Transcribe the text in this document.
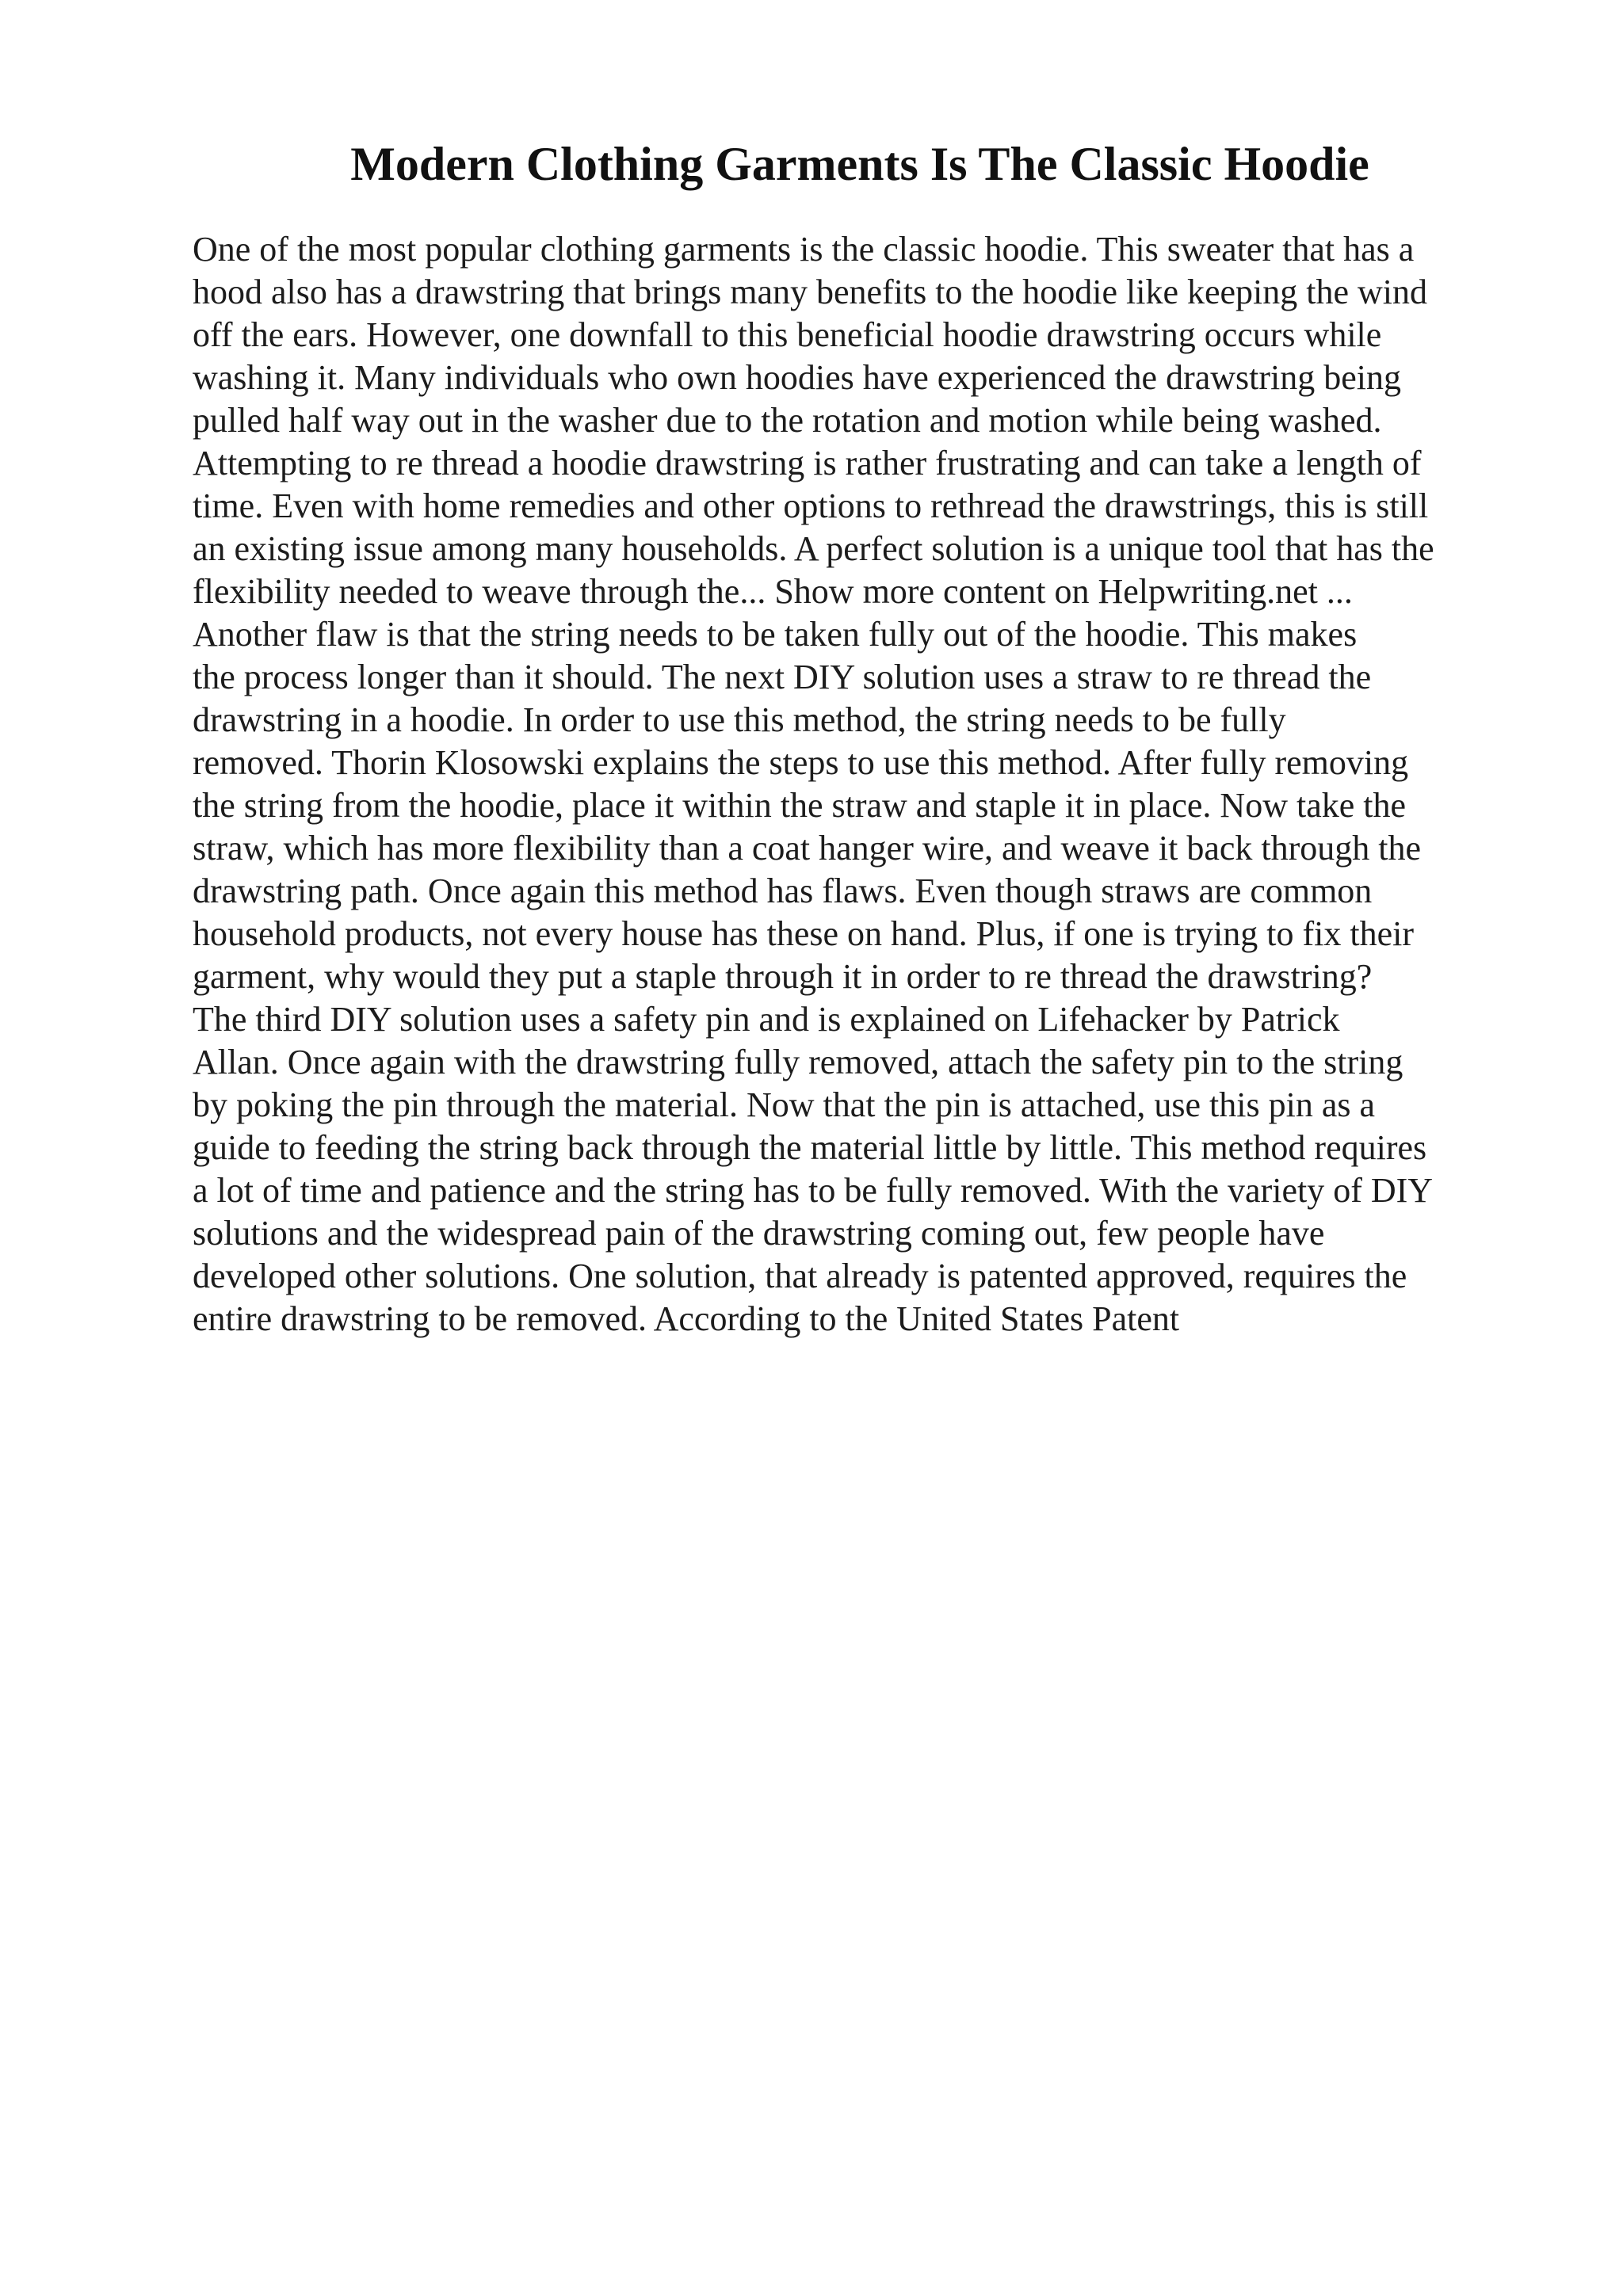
Modern Clothing Garments Is The Classic Hoodie
One of the most popular clothing garments is the classic hoodie. This sweater that has a
hood also has a drawstring that brings many benefits to the hoodie like keeping the wind
off the ears. However, one downfall to this beneficial hoodie drawstring occurs while
washing it. Many individuals who own hoodies have experienced the drawstring being
pulled half way out in the washer due to the rotation and motion while being washed.
Attempting to re thread a hoodie drawstring is rather frustrating and can take a length of
time. Even with home remedies and other options to rethread the drawstrings, this is still
an existing issue among many households. A perfect solution is a unique tool that has the
flexibility needed to weave through the... Show more content on Helpwriting.net ...
Another flaw is that the string needs to be taken fully out of the hoodie. This makes
the process longer than it should. The next DIY solution uses a straw to re thread the
drawstring in a hoodie. In order to use this method, the string needs to be fully
removed. Thorin Klosowski explains the steps to use this method. After fully removing
the string from the hoodie, place it within the straw and staple it in place. Now take the
straw, which has more flexibility than a coat hanger wire, and weave it back through the
drawstring path. Once again this method has flaws. Even though straws are common
household products, not every house has these on hand. Plus, if one is trying to fix their
garment, why would they put a staple through it in order to re thread the drawstring?
The third DIY solution uses a safety pin and is explained on Lifehacker by Patrick
Allan. Once again with the drawstring fully removed, attach the safety pin to the string
by poking the pin through the material. Now that the pin is attached, use this pin as a
guide to feeding the string back through the material little by little. This method requires
a lot of time and patience and the string has to be fully removed. With the variety of DIY
solutions and the widespread pain of the drawstring coming out, few people have
developed other solutions. One solution, that already is patented approved, requires the
entire drawstring to be removed. According to the United States Patent
